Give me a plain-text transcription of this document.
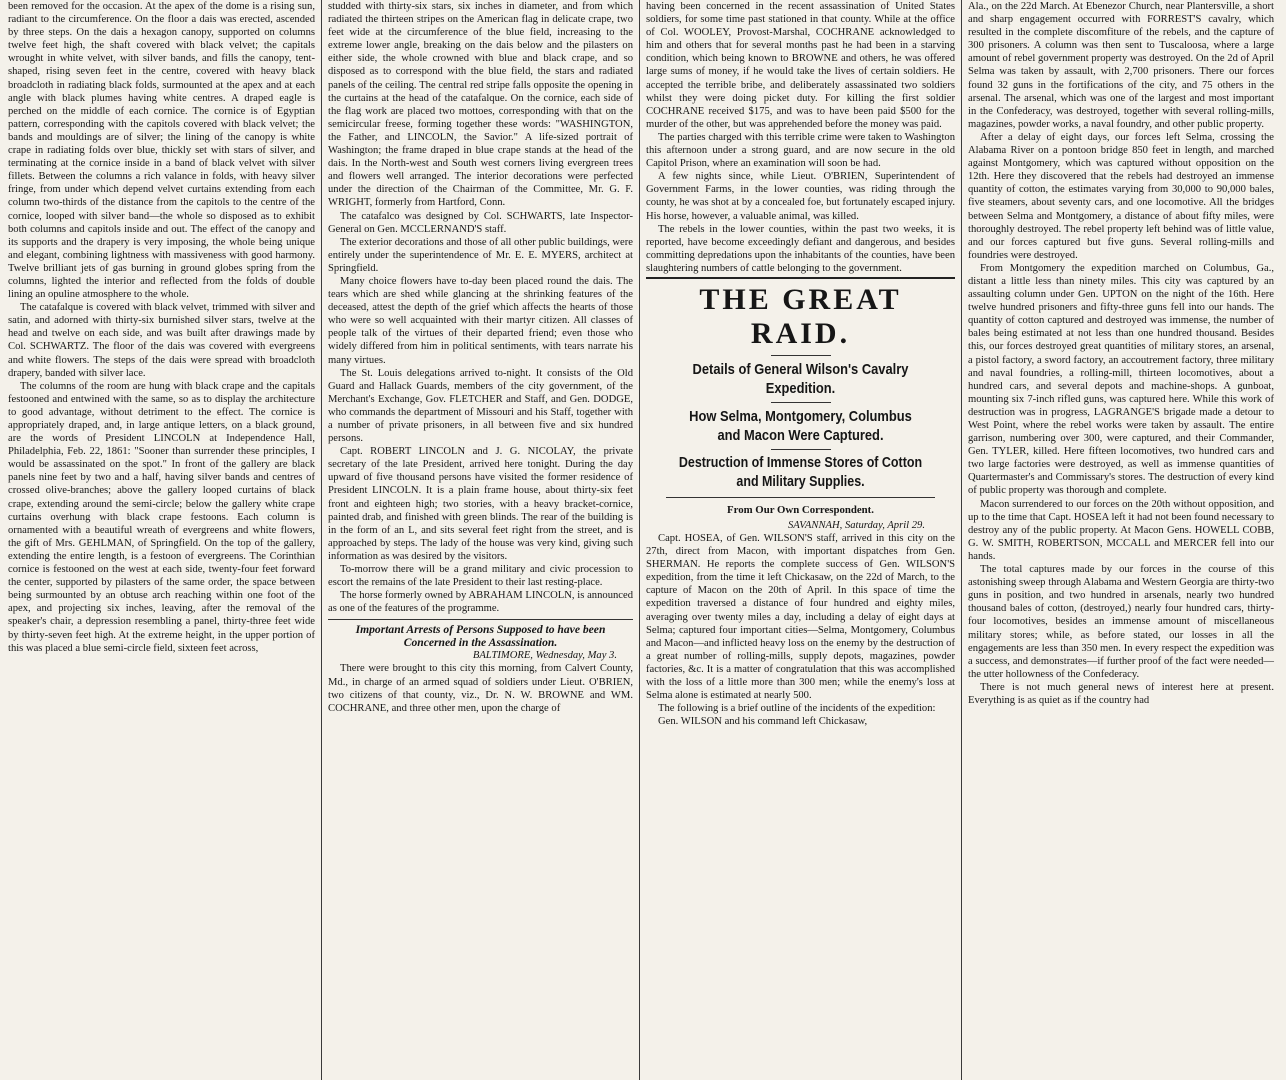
been removed for the occasion. At the apex of the dome is a rising sun, radiant to the circumference. On the floor a dais was erected, ascended by three steps. On the dais a hexagon canopy, supported on columns twelve feet high, the shaft covered with black velvet; the capitals wrought in white velvet, with silver bands, and fills the canopy, tent-shaped, rising seven feet in the centre, covered with heavy black broadcloth in radiating black folds, surmounted at the apex and at each angle with black plumes having white centres. A draped eagle is perched on the middle of each cornice. The cornice is of Egyptian pattern, corresponding with the capitols covered with black velvet; the bands and mouldings are of silver; the lining of the canopy is white crape in radiating folds over blue, thickly set with stars of silver, and terminating at the cornice inside in a band of black velvet with silver fillets. Between the columns a rich valance in folds, with heavy silver fringe, from under which depend velvet curtains extending from each column two-thirds of the distance from the capitols to the centre of the cornice, looped with silver band—the whole so disposed as to exhibit both columns and capitols inside and out. The effect of the canopy and its supports and the drapery is very imposing, the whole being unique and elegant, combining lightness with massiveness with good harmony. Twelve brilliant jets of gas burning in ground globes spring from the columns, lighted the interior and reflected from the folds of double lining an opuline atmosphere to the whole.

The catafalque is covered with black velvet, trimmed with silver and satin, and adorned with thirty-six burnished silver stars, twelve at the head and twelve on each side, and was built after drawings made by Col. SCHWARTZ. The floor of the dais was covered with evergreens and white flowers. The steps of the dais were spread with broadcloth drapery, banded with silver lace.

The columns of the room are hung with black crape and the capitals festooned and entwined with the same, so as to display the architecture to good advantage, without detriment to the effect. The cornice is appropriately draped, and, in large antique letters, on a black ground, are the words of President LINCOLN at Independence Hall, Philadelphia, Feb. 22, 1861: "Sooner than surrender these principles, I would be assassinated on the spot." In front of the gallery are black panels nine feet by two and a half, having silver bands and centres of crossed olive-branches; above the gallery looped curtains of black crape, extending around the semi-circle; below the gallery white crape curtains overhung with black crape festoons. Each column is ornamented with a beautiful wreath of evergreens and white flowers, the gift of Mrs. GEHLMAN, of Springfield. On the top of the gallery, extending the entire length, is a festoon of evergreens. The Corinthian cornice is festooned on the west at each side, twenty-four feet forward the center, supported by pilasters of the same order, the space between being surmounted by an obtuse arch reaching within one foot of the apex, and projecting six inches, leaving, after the removal of the speaker's chair, a depression resembling a panel, thirty-three feet wide by thirty-seven feet high. At the extreme height, in the upper portion of this was placed a blue semi-circle field, sixteen feet across,

studded with thirty-six stars, six inches in diameter, and from which radiated the thirteen stripes on the American flag in delicate crape, two feet wide at the circumference of the blue field, increasing to the extreme lower angle, breaking on the dais below and the pilasters on either side, the whole crowned with blue and black crape, and so disposed as to correspond with the blue field, the stars and radiated panels of the ceiling. The central red stripe falls opposite the opening in the curtains at the head of the catafalque. On the cornice, each side of the flag work are placed two mottoes, corresponding with that on the semicircular freese, forming together these words: "WASHINGTON, the Father, and LINCOLN, the Savior." A life-sized portrait of Washington; the frame draped in blue crape stands at the head of the dais. In the North-west and South west corners living evergreen trees and flowers well arranged. The interior decorations were perfected under the direction of the Chairman of the Committee, Mr. G. F. WRIGHT, formerly from Hartford, Conn.

The catafalco was designed by Col. SCHWARTS, late Inspector-General on Gen. MCCLERNAND'S staff.

The exterior decorations and those of all other public buildings, were entirely under the superintendence of Mr. E. E. MYERS, architect at Springfield.

Many choice flowers have to-day been placed round the dais. The tears which are shed while glancing at the shrinking features of the deceased, attest the depth of the grief which affects the hearts of those who were so well acquainted with their martyr citizen. All classes of people talk of the virtues of their departed friend; even those who widely differed from him in political sentiments, with tears narrate his many virtues.

The St. Louis delegations arrived to-night. It consists of the Old Guard and Hallack Guards, members of the city government, of the Merchant's Exchange, Gov. FLETCHER and Staff, and Gen. DODGE, who commands the department of Missouri and his Staff, together with a number of private prisoners, in all between five and six hundred persons.

Capt. ROBERT LINCOLN and J. G. NICOLAY, the private secretary of the late President, arrived here tonight. During the day upward of five thousand persons have visited the former residence of President LINCOLN. It is a plain frame house, about thirty-six feet front and eighteen high; two stories, with a heavy bracket-cornice, painted drab, and finished with green blinds. The rear of the building is in the form of an L, and sits several feet right from the street, and is approached by steps. The lady of the house was very kind, giving such information as was desired by the visitors.

To-morrow there will be a grand military and civic procession to escort the remains of the late President to their last resting-place.

The horse formerly owned by ABRAHAM LINCOLN, is announced as one of the features of the programme.

Important Arrests of Persons Supposed to have been Concerned in the Assassination.
BALTIMORE, Wednesday, May 3.

There were brought to this city this morning, from Calvert County, Md., in charge of an armed squad of soldiers under Lieut. O'BRIEN, two citizens of that county, viz., Dr. N. W. BROWNE and WM. COCHRANE, and three other men, upon the charge of

having been concerned in the recent assassination of United States soldiers, for some time past stationed in that county. While at the office of Col. WOOLEY, Provost-Marshal, COCHRANE acknowledged to him and others that for several months past he had been in a starving condition, which being known to BROWNE and others, he was offered large sums of money, if he would take the lives of certain soldiers. He accepted the terrible bribe, and deliberately assassinated two soldiers whilst they were doing picket duty. For killing the first soldier COCHRANE received $175, and was to have been paid $500 for the murder of the other, but was apprehended before the money was paid.

The parties charged with this terrible crime were taken to Washington this afternoon under a strong guard, and are now secure in the old Capitol Prison, where an examination will soon be had.

A few nights since, while Lieut. O'BRIEN, Superintendent of Government Farms, in the lower counties, was riding through the county, he was shot at by a concealed foe, but fortunately escaped injury. His horse, however, a valuable animal, was killed.

The rebels in the lower counties, within the past two weeks, it is reported, have become exceedingly defiant and dangerous, and besides committing depredations upon the inhabitants of the counties, have been slaughtering numbers of cattle belonging to the government.

THE GREAT RAID.
Details of General Wilson's Cavalry Expedition.
How Selma, Montgomery, Columbus and Macon Were Captured.
Destruction of Immense Stores of Cotton and Military Supplies.
From Our Own Correspondent.
SAVANNAH, Saturday, April 29.

Capt. HOSEA, of Gen. WILSON'S staff, arrived in this city on the 27th, direct from Macon, with important dispatches from Gen. SHERMAN. He reports the complete success of Gen. WILSON'S expedition, from the time it left Chickasaw, on the 22d of March, to the capture of Macon on the 20th of April. In this space of time the expedition traversed a distance of four hundred and eighty miles, averaging over twenty miles a day, including a delay of eight days at Selma; captured four important cities—Selma, Montgomery, Columbus and Macon—and inflicted heavy loss on the enemy by the destruction of a great number of rolling-mills, supply depots, magazines, powder factories, &c. It is a matter of congratulation that this was accomplished with the loss of a little more than 300 men; while the enemy's loss at Selma alone is estimated at nearly 500.

The following is a brief outline of the incidents of the expedition:

Gen. WILSON and his command left Chickasaw,

Ala., on the 22d March. At Ebenezor Church, near Plantersville, a short and sharp engagement occurred with FORREST'S cavalry, which resulted in the complete discomfiture of the rebels, and the capture of 300 prisoners. A column was then sent to Tuscaloosa, where a large amount of rebel government property was destroyed. On the 2d of April Selma was taken by assault, with 2,700 prisoners. There our forces found 32 guns in the fortifications of the city, and 75 others in the arsenal. The arsenal, which was one of the largest and most important in the Confederacy, was destroyed, together with several rolling-mills, magazines, powder works, a naval foundry, and other public property.

After a delay of eight days, our forces left Selma, crossing the Alabama River on a pontoon bridge 850 feet in length, and marched against Montgomery, which was captured without opposition on the 12th. Here they discovered that the rebels had destroyed an immense quantity of cotton, the estimates varying from 30,000 to 90,000 bales, five steamers, about seventy cars, and one locomotive. All the bridges between Selma and Montgomery, a distance of about fifty miles, were thoroughly destroyed. The rebel property left behind was of little value, and our forces captured but five guns. Several rolling-mills and foundries were destroyed.

From Montgomery the expedition marched on Columbus, Ga., distant a little less than ninety miles. This city was captured by an assaulting column under Gen. UPTON on the night of the 16th. Here twelve hundred prisoners and fifty-three guns fell into our hands. The quantity of cotton captured and destroyed was immense, the number of bales being estimated at not less than one hundred thousand. Besides this, our forces destroyed great quantities of military stores, an arsenal, a pistol factory, a sword factory, an accoutrement factory, three military and naval foundries, a rolling-mill, thirteen locomotives, about a hundred cars, and several depots and machine-shops. A gunboat, mounting six 7-inch rifled guns, was captured here. While this work of destruction was in progress, LAGRANGE'S brigade made a detour to West Point, where the rebel works were taken by assault. The entire garrison, numbering over 300, were captured, and their Commander, Gen. TYLER, killed. Here fifteen locomotives, two hundred cars and two large factories were destroyed, as well as immense quantities of Quartermaster's and Commissary's stores. The destruction of every kind of public property was thorough and complete.

Macon surrendered to our forces on the 20th without opposition, and up to the time that Capt. HOSEA left it had not been found necessary to destroy any of the public property. At Macon Gens. HOWELL COBB, G. W. SMITH, ROBERTSON, MCCALL and MERCER fell into our hands.

The total captures made by our forces in the course of this astonishing sweep through Alabama and Western Georgia are thirty-two guns in position, and two hundred in arsenals, nearly two hundred thousand bales of cotton, (destroyed,) nearly four hundred cars, thirty-four locomotives, besides an immense amount of miscellaneous military stores; while, as before stated, our losses in all the engagements are less than 350 men. In every respect the expedition was a success, and demonstrates—if further proof of the fact were needed—the utter hollowness of the Confederacy.

There is not much general news of interest here at present. Everything is as quiet as if the country had
